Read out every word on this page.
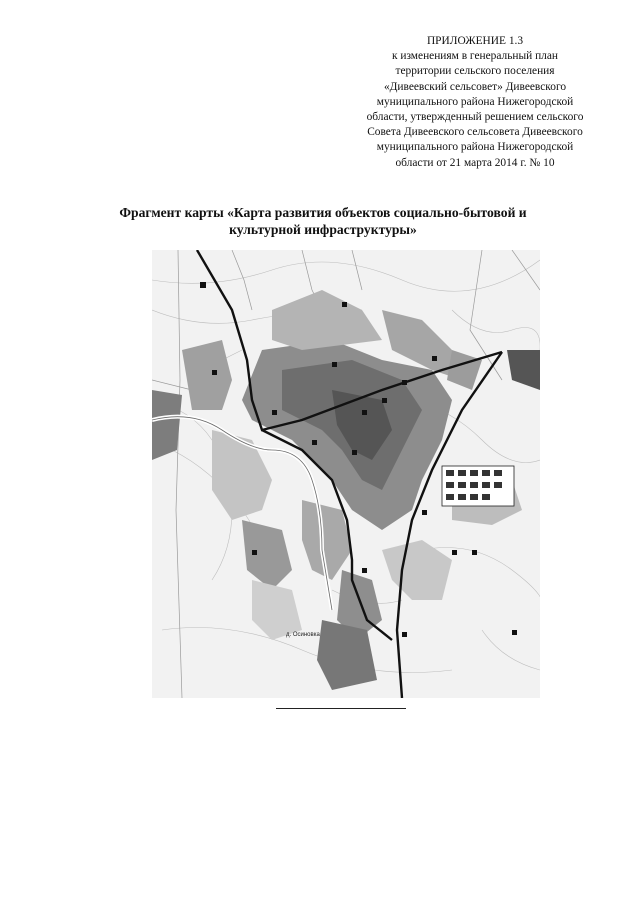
ПРИЛОЖЕНИЕ 1.3
к изменениям в генеральный план
территории сельского поселения
«Дивеевский сельсовет» Дивеевского
муниципального района Нижегородской
области, утвержденный решением сельского
Совета Дивеевского сельсовета Дивеевского
муниципального района Нижегородской
области от 21 марта 2014 г. № 10
Фрагмент карты «Карта развития объектов социально-бытовой и
культурной инфраструктуры»
д. Осиновка
